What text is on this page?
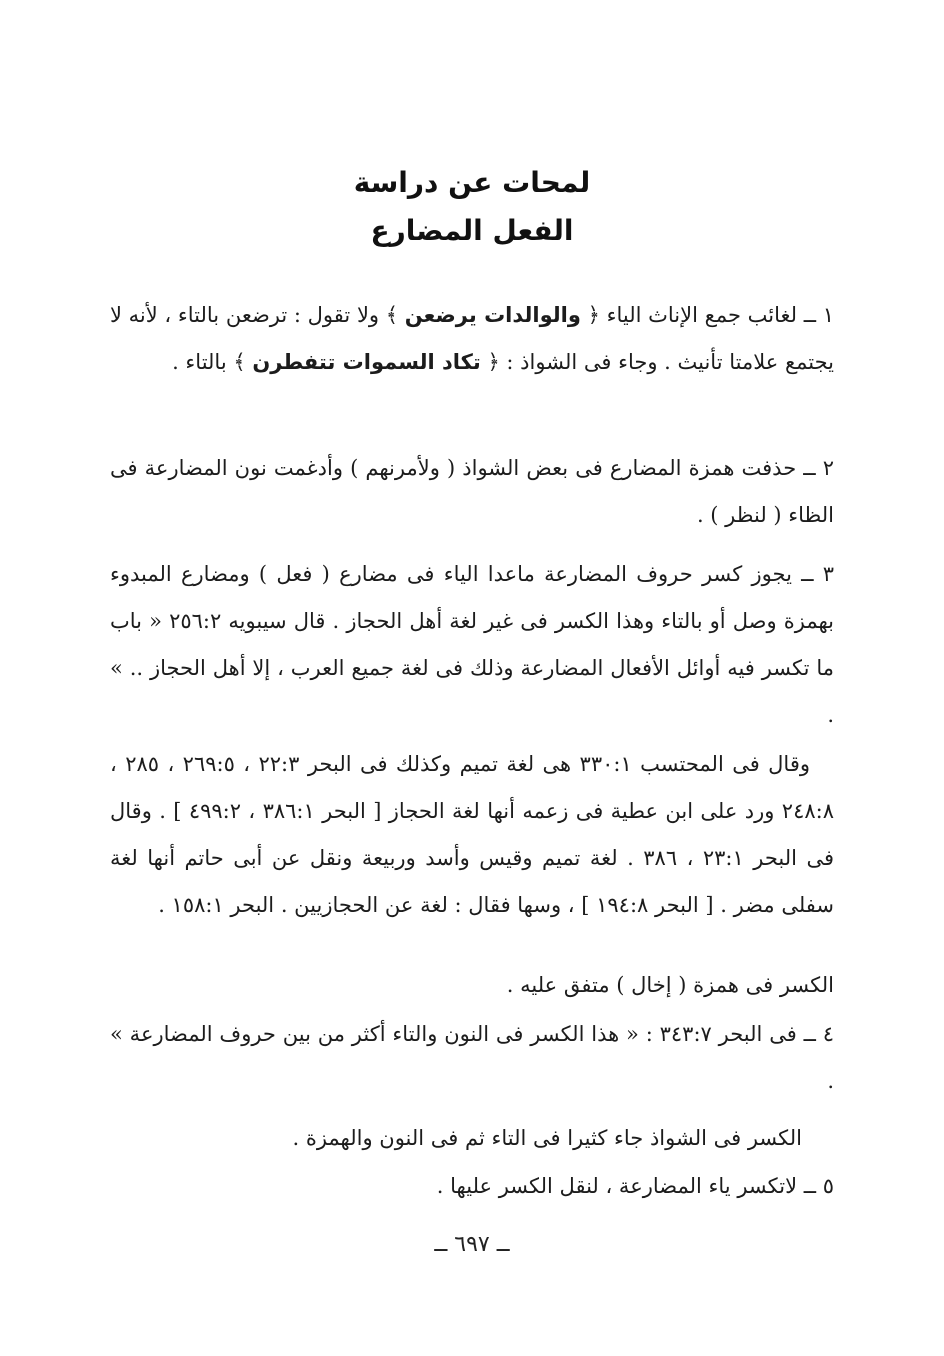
لمحات عن دراسة
الفعل المضارع
١ ــ لغائب جمع الإناث الياء ﴿ والوالدات يرضعن ﴾ ولا تقول : ترضعن بالتاء ، لأنه لا يجتمع علامتا تأنيث . وجاء فى الشواذ : ﴿ تكاد السموات تتفطرن ﴾ بالتاء .
٢ ــ حذفت همزة المضارع فى بعض الشواذ ( ولأمرنهم ) وأدغمت نون المضارعة فى الظاء ( لنظر ) .
٣ ــ يجوز كسر حروف المضارعة ماعدا الياء فى مضارع ( فعل ) ومضارع المبدوء بهمزة وصل أو بالتاء وهذا الكسر فى غير لغة أهل الحجاز . قال سيبويه ٢٥٦:٢ « باب ما تكسر فيه أوائل الأفعال المضارعة وذلك فى لغة جميع العرب ، إلا أهل الحجاز .. » .
وقال فى المحتسب ٣٣٠:١ هى لغة تميم وكذلك فى البحر ٢٢:٣ ، ٢٦٩:٥ ، ٢٨٥ ، ٢٤٨:٨ ورد على ابن عطية فى زعمه أنها لغة الحجاز [ البحر ٣٨٦:١ ، ٤٩٩:٢ ] . وقال فى البحر ٢٣:١ ، ٣٨٦ . لغة تميم وقيس وأسد وربيعة ونقل عن أبى حاتم أنها لغة سفلى مضر . [ البحر ١٩٤:٨ ] ، وسها فقال : لغة عن الحجازيين . البحر ١٥٨:١ .
الكسر فى همزة ( إخال ) متفق عليه .
٤ ــ فى البحر ٣٤٣:٧ : « هذا الكسر فى النون والتاء أكثر من بين حروف المضارعة » .
الكسر فى الشواذ جاء كثيرا فى التاء ثم فى النون والهمزة .
٥ ــ لاتكسر ياء المضارعة ، لنقل الكسر عليها .
ــ ٦٩٧ ــ
